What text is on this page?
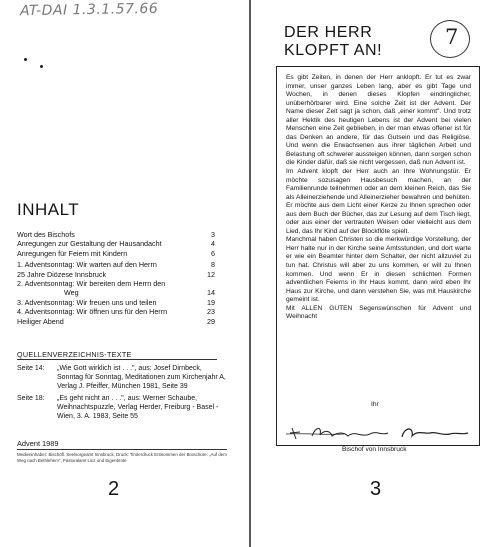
AT-DAI 1.3.1.57.66
INHALT
Wort des Bischofs	3
Anregungen zur Gestaltung der Hausandacht	4
Anregungen für Feiern mit Kindern	6
1. Adventsonntag: Wir warten auf den Herrn	8
25 Jahre Diözese Innsbruck	12
2. Adventsonntag: Wir bereiten dem Herrn den
Weg	14
3. Adventsonntag: Wir freuen uns und teilen	19
4. Adventsonntag: Wir öffnen uns für den Herrn	23
Heiliger Abend	29
QUELLENVERZEICHNIS-TEXTE
Seite 14:	„Wie Gott wirklich ist . . .", aus: Josef Dirnbeck, Sonntag für Sonntag, Meditationen zum Kirchenjahr A, Verlag J. Pfeiffer, München 1981, Seite 39
Seite 18:	„Es geht nicht an . . .", aus: Werner Schaube, Weihnachtspuzzle, Verlag Herder, Freiburg - Basel - Wien, 3. A. 1983, Seite 55
Advent 1989
Medieninhaber: Bischöfl. Seelsorgeamt Innsbruck, Druck: Tirolerdruck Entnommen der Broschüre: „Auf dem Weg nach Bethlehem", Pastoralamt Linz und Eigenbrote
2
DER HERR
KLOPFT AN!
7

Es gibt Zeiten, in denen der Herr anklopft. Er tut es zwar immer, unser ganzes Leben lang, aber es gibt Tage und Wochen, in denen dieses Klopfen eindringlicher, unüberhörbarer wird. Eine solche Zeit ist der Advent. Der Name dieser Zeit sagt ja schon, daß „einer kommt". Und trotz aller Hektik des heutigen Lebens ist der Advent bei vielen Menschen eine Zeit geblieben, in der man etwas offener ist für das Denken an andere, für das Gutsein und das Religiöse. Und wenn die Erwachsenen aus ihrer täglichen Arbeit und Belastung oft schwerer aussteigen können, dann sorgen schon die Kinder dafür, daß sie nicht vergessen, daß nun Advent ist.

Im Advent klopft der Herr auch an Ihre Wohnungstür. Er möchte sozusagen Hausbesuch machen, an der Familienrunde teilnehmen oder an dem kleinen Reich, das Sie als Alleinerziehende und Alleinerzieher bewahren und behüten. Er möchte aus dem Licht einer Kerze zu Ihnen sprechen oder aus dem Buch der Bücher, das zur Lesung auf dem Tisch liegt, oder aus einer der vertrauten Weisen oder vielleicht aus dem Lied, das Ihr Kind auf der Blockflöte spielt.

Manchmal haben Christen so die merkwürdige Vorstellung, der Herr halte nur in der Kirche seine Amtsstunden, und dort warte er wie ein Beamter hinter dem Schalter, der nicht allzuviel zu tun hat. Christus will aber zu uns kommen, er will zu Ihnen kommen. Und wenn Er in diesen schlichten Formen adventlichen Feierns in Ihr Haus kommt, dann wird eben Ihr Haus zur Kirche, und dann verstehen Sie, was mit Hauskirche gemeint ist.

Mit ALLEN GUTEN Segenswünschen für Advent und Weihnacht

Ihr
Bischof von Innsbruck
3
